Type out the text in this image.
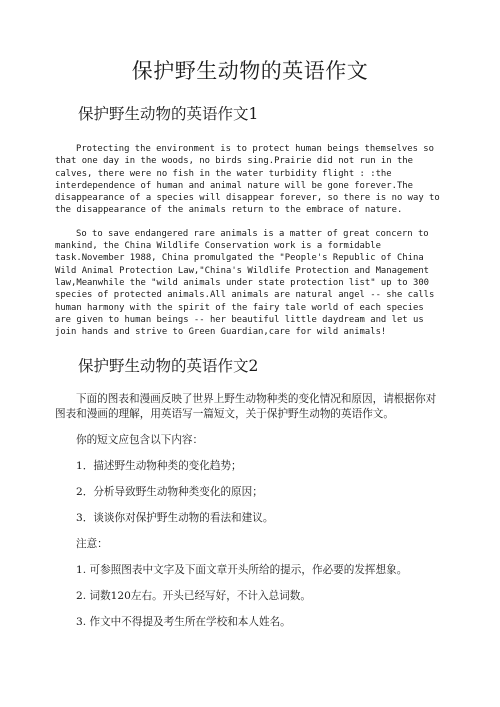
保护野生动物的英语作文
保护野生动物的英语作文1

Protecting the environment is to protect human beings themselves so that one day in the woods, no birds sing.Prairie did not run in the calves, there were no fish in the water turbidity flight : :the interdependence of human and animal nature will be gone forever.The disappearance of a species will disappear forever, so there is no way to the disappearance of the animals return to the embrace of nature.

So to save endangered rare animals is a matter of great concern to mankind, the China Wildlife Conservation work is a formidable task.November 1988, China promulgated the "People's Republic of China Wild Animal Protection Law,"China's Wildlife Protection and Management law,Meanwhile the "wild animals under state protection list" up to 300 species of protected animals.All animals are natural angel -- she calls human harmony with the spirit of the fairy tale world of each species are given to human beings -- her beautiful little daydream and let us join hands and strive to Green Guardian,care for wild animals!

保护野生动物的英语作文2

下面的图表和漫画反映了世界上野生动物种类的变化情况和原因，请根据你对图表和漫画的理解，用英语写一篇短文，关于保护野生动物的英语作文。

你的短文应包含以下内容：

1．描述野生动物种类的变化趋势；

2．分析导致野生动物种类变化的原因；

3．谈谈你对保护野生动物的看法和建议。

注意：

1. 可参照图表中文字及下面文章开头所给的提示，作必要的发挥想象。

2. 词数120左右。开头已经写好，不计入总词数。

3. 作文中不得提及考生所在学校和本人姓名。
